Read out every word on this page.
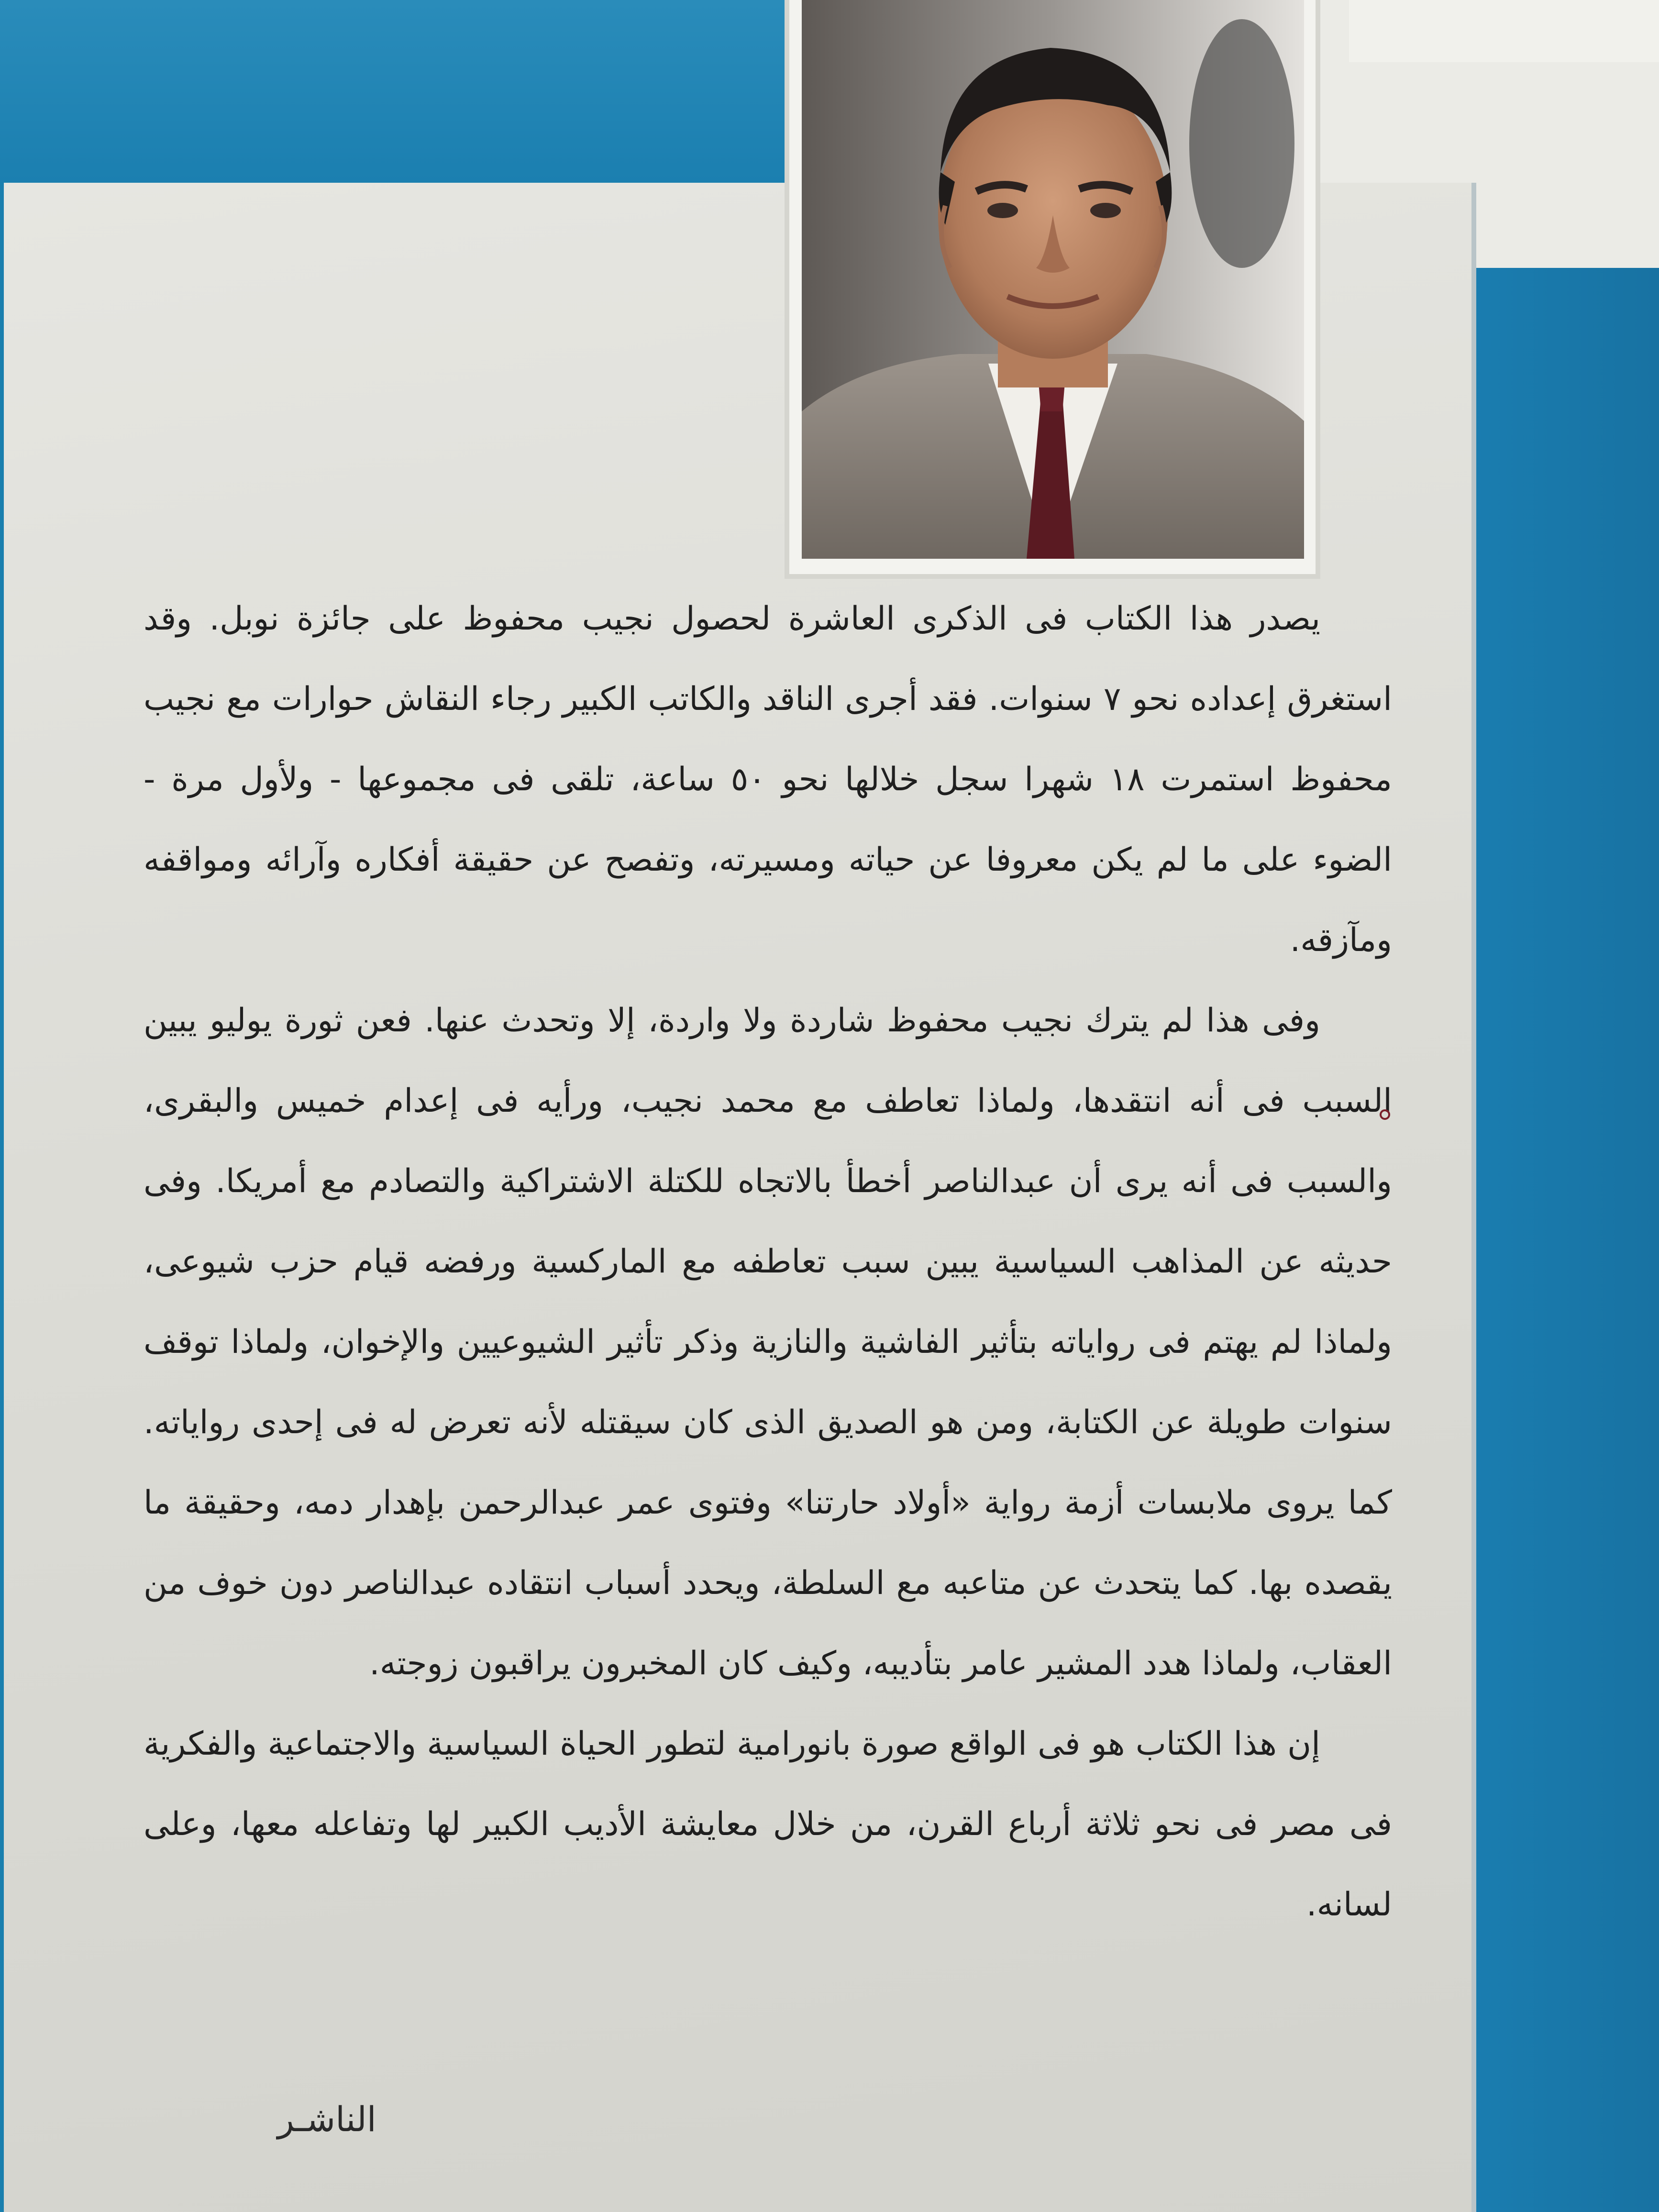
يصدر هذا الكتاب فى الذكرى العاشرة لحصول نجيب محفوظ على جائزة نوبل. وقد استغرق إعداده نحو ٧ سنوات. فقد أجرى الناقد والكاتب الكبير رجاء النقاش حوارات مع نجيب محفوظ استمرت ١٨ شهرا سجل خلالها نحو ٥٠ ساعة، تلقى فى مجموعها - ولأول مرة - الضوء على ما لم يكن معروفا عن حياته ومسيرته، وتفصح عن حقيقة أفكاره وآرائه ومواقفه ومآزقه.

وفى هذا لم يترك نجيب محفوظ شاردة ولا واردة، إلا وتحدث عنها. فعن ثورة يوليو يبين السبب فى أنه انتقدها، ولماذا تعاطف مع محمد نجيب، ورأيه فى إعدام خميس والبقرى، والسبب فى أنه يرى أن عبدالناصر أخطأ بالاتجاه للكتلة الاشتراكية والتصادم مع أمريكا. وفى حديثه عن المذاهب السياسية يبين سبب تعاطفه مع الماركسية ورفضه قيام حزب شيوعى، ولماذا لم يهتم فى رواياته بتأثير الفاشية والنازية وذكر تأثير الشيوعيين والإخوان، ولماذا توقف سنوات طويلة عن الكتابة، ومن هو الصديق الذى كان سيقتله لأنه تعرض له فى إحدى رواياته. كما يروى ملابسات أزمة رواية «أولاد حارتنا» وفتوى عمر عبدالرحمن بإهدار دمه، وحقيقة ما يقصده بها. كما يتحدث عن متاعبه مع السلطة، ويحدد أسباب انتقاده عبدالناصر دون خوف من العقاب، ولماذا هدد المشير عامر بتأديبه، وكيف كان المخبرون يراقبون زوجته.

إن هذا الكتاب هو فى الواقع صورة بانورامية لتطور الحياة السياسية والاجتماعية والفكرية فى مصر فى نحو ثلاثة أرباع القرن، من خلال معايشة الأديب الكبير لها وتفاعله معها، وعلى لسانه.

الناشـر
